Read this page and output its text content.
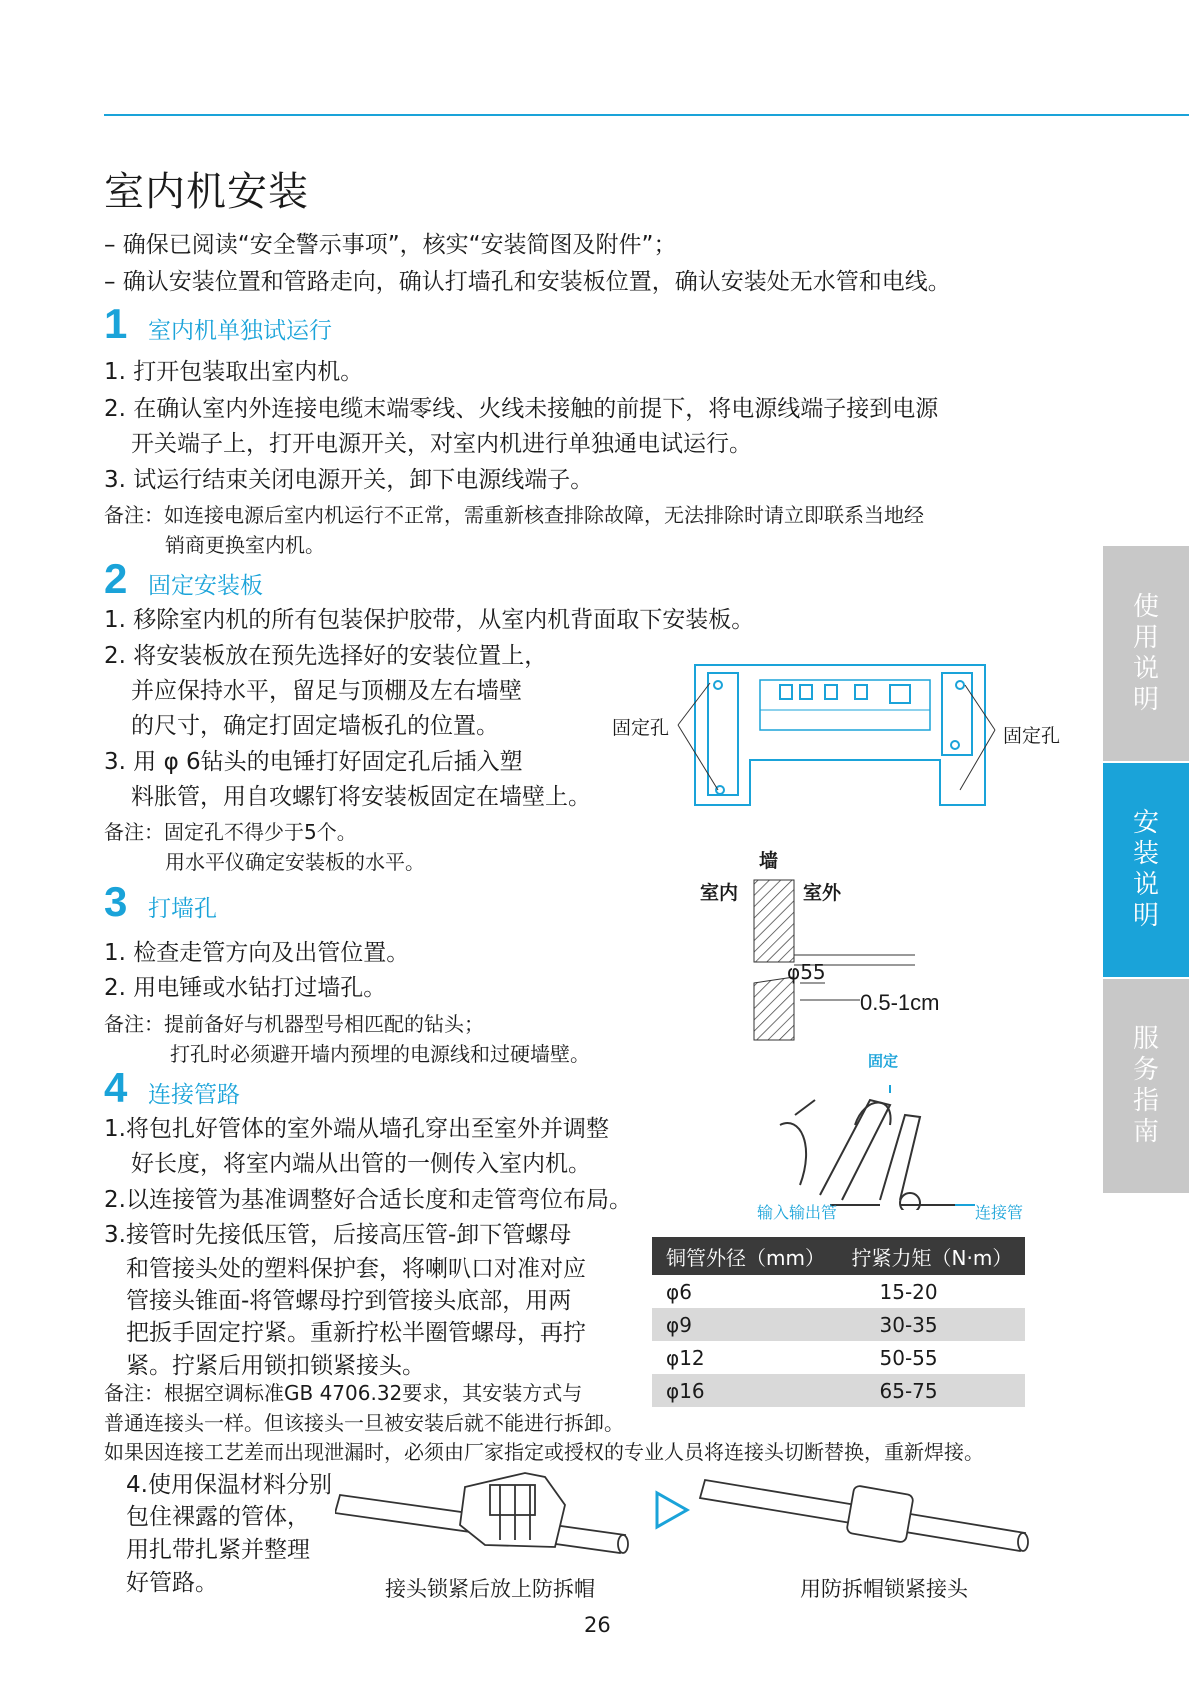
室内机安装
– 确保已阅读“安全警示事项”，核实“安装简图及附件”；
– 确认安装位置和管路走向，确认打墙孔和安装板位置，确认安装处无水管和电线。
1 室内机单独试运行
1. 打开包装取出室内机。
2. 在确认室内外连接电缆末端零线、火线未接触的前提下，将电源线端子接到电源
开关端子上，打开电源开关，对室内机进行单独通电试运行。
3. 试运行结束关闭电源开关，卸下电源线端子。
备注：如连接电源后室内机运行不正常，需重新核查排除故障，无法排除时请立即联系当地经
销商更换室内机。
2 固定安装板
1. 移除室内机的所有包装保护胶带，从室内机背面取下安装板。
2. 将安装板放在预先选择好的安装位置上，
并应保持水平，留足与顶棚及左右墙壁
的尺寸，确定打固定墙板孔的位置。
3. 用 φ 6钻头的电锤打好固定孔后插入塑
料胀管，用自攻螺钉将安装板固定在墙壁上。
备注：固定孔不得少于5个。
用水平仪确定安装板的水平。
固定孔	固定孔
3 打墙孔
1. 检查走管方向及出管位置。
2. 用电锤或水钻打过墙孔。
备注：提前备好与机器型号相匹配的钻头；
打孔时必须避开墙内预埋的电源线和过硬墙壁。
墙
室内	室外
φ55
0.5-1cm
4 连接管路
1.将包扎好管体的室外端从墙孔穿出至室外并调整
好长度，将室内端从出管的一侧传入室内机。
2.以连接管为基准调整好合适长度和走管弯位布局。
3.接管时先接低压管，后接高压管-卸下管螺母
和管接头处的塑料保护套，将喇叭口对准对应
管接头锥面-将管螺母拧到管接头底部，用两
把扳手固定拧紧。重新拧松半圈管螺母，再拧
紧。拧紧后用锁扣锁紧接头。
备注：根据空调标准GB 4706.32要求，其安装方式与
普通连接头一样。但该接头一旦被安装后就不能进行拆卸。
如果因连接工艺差而出现泄漏时，必须由厂家指定或授权的专业人员将连接头切断替换，重新焊接。
4.使用保温材料分别
包住裸露的管体，
用扎带扎紧并整理
好管路。
固定
输入输出管	连接管
铜管外径（mm）	拧紧力矩（N·m）
φ6	15-20
φ9	30-35
φ12	50-55
φ16	65-75
接头锁紧后放上防拆帽	用防拆帽锁紧接头
26
使
用
说
明
安
装
说
明
服
务
指
南
